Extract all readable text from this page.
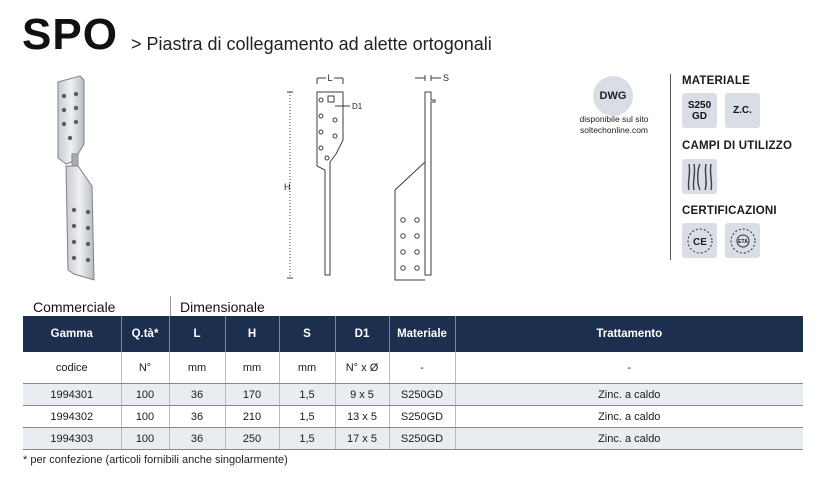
SPO > Piastra di collegamento ad alette ortogonali
L
D1
H
S
DWG
disponibile sul sito
soltechonline.com
MATERIALE
S250
GD	Z.C.
CAMPI DI UTILIZZO
CERTIFICAZIONI
CE	ETA
Commerciale	Dimensionale
Gamma	Q.tà*	L	H	S	D1	Materiale	Trattamento
codice	N°	mm	mm	mm	N° x Ø	-	-
1994301	100	36	170	1,5	9 x 5	S250GD	Zinc. a caldo
1994302	100	36	210	1,5	13 x 5	S250GD	Zinc. a caldo
1994303	100	36	250	1,5	17 x 5	S250GD	Zinc. a caldo
* per confezione (articoli fornibili anche singolarmente)
